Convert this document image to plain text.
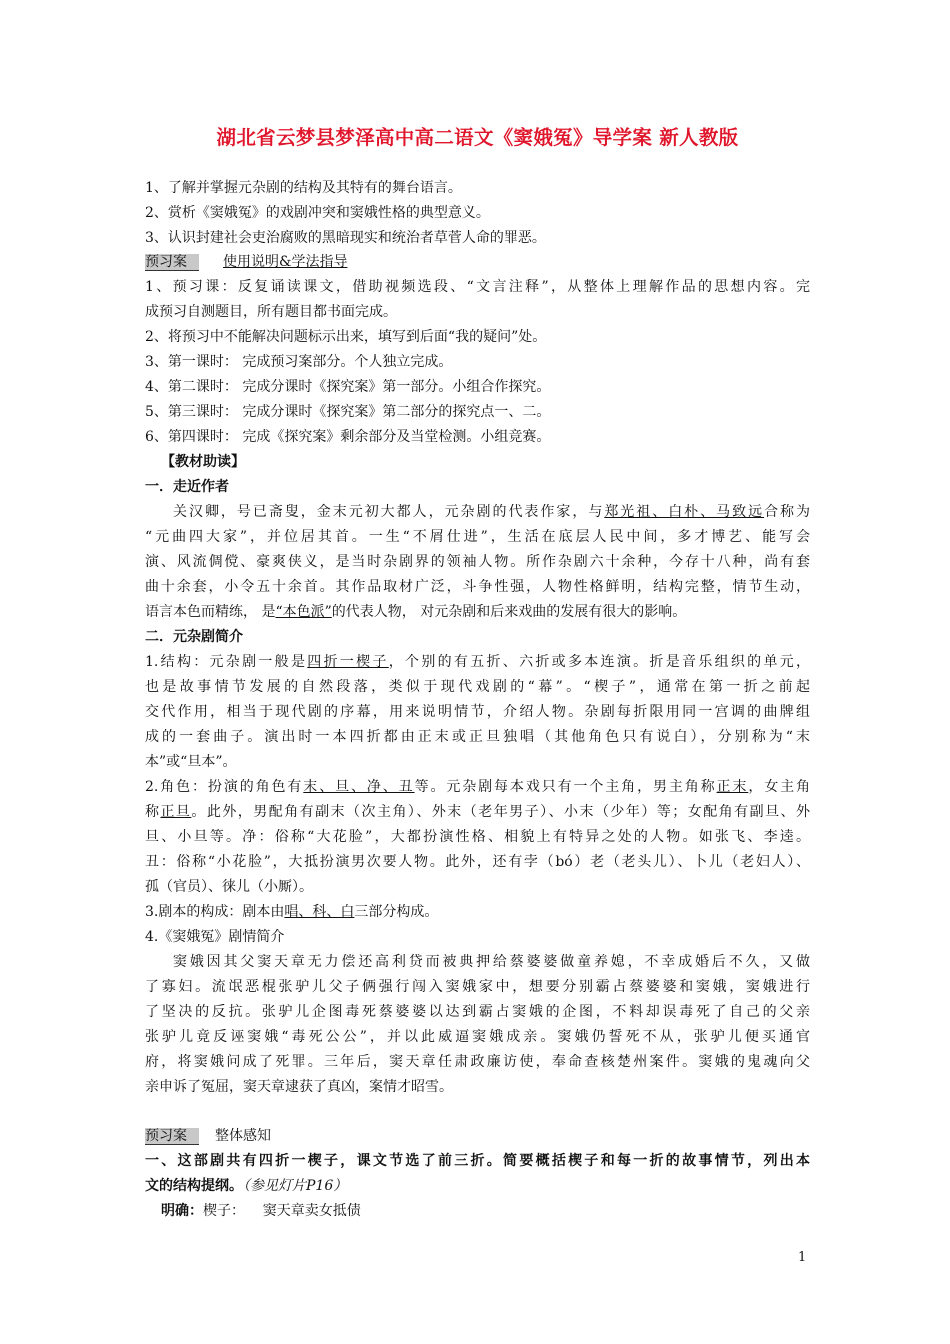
湖北省云梦县梦泽高中高二语文《窦娥冤》导学案 新人教版
1、了解并掌握元杂剧的结构及其特有的舞台语言。
2、赏析《窦娥冤》的戏剧冲突和窦娥性格的典型意义。
3、认识封建社会吏治腐败的黑暗现实和统治者草菅人命的罪恶。
预习案	使用说明&学法指导
1、预习课：反复诵读课文，借助视频选段、“文言注释”，从整体上理解作品的思想内容。完
成预习自测题目，所有题目都书面完成。
2、将预习中不能解决问题标示出来，填写到后面“我的疑问”处。
3、第一课时： 完成预习案部分。个人独立完成。
4、第二课时： 完成分课时《探究案》第一部分。小组合作探究。
5、第三课时： 完成分课时《探究案》第二部分的探究点一、二。
6、第四课时： 完成《探究案》剩余部分及当堂检测。小组竞赛。
【教材助读】
一．走近作者
关汉卿，号已斋叟，金末元初大都人，元杂剧的代表作家，与郑光祖、白朴、马致远合称为
“元曲四大家”，并位居其首。一生“不屑仕进”，生活在底层人民中间，多才博艺、能写会
演、风流倜傥、豪爽侠义，是当时杂剧界的领袖人物。所作杂剧六十余种，今存十八种，尚有套
曲十余套，小令五十余首。其作品取材广泛，斗争性强，人物性格鲜明，结构完整，情节生动，
语言本色而精练， 是“本色派”的代表人物， 对元杂剧和后来戏曲的发展有很大的影响。
二．元杂剧简介
1.结构：元杂剧一般是四折一楔子，个别的有五折、六折或多本连演。折是音乐组织的单元，
也是故事情节发展的自然段落，类似于现代戏剧的“幕”。“楔子”，通常在第一折之前起
交代作用，相当于现代剧的序幕，用来说明情节，介绍人物。杂剧每折限用同一宫调的曲牌组
成的一套曲子。演出时一本四折都由正末或正旦独唱（其他角色只有说白），分别称为“末
本”或“旦本”。
2.角色：扮演的角色有末、旦、净、丑等。元杂剧每本戏只有一个主角，男主角称正末，女主角
称正旦。此外，男配角有副末（次主角）、外末（老年男子）、小末（少年）等；女配角有副旦、外
旦、小旦等。净：俗称“大花脸”，大都扮演性格、相貌上有特异之处的人物。如张飞、李逵。
丑：俗称“小花脸”，大抵扮演男次要人物。此外，还有孛（bó）老（老头儿）、卜儿（老妇人）、
孤（官员）、徕儿（小厮）。
3.剧本的构成：剧本由唱、科、白三部分构成。
4.《窦娥冤》剧情简介
窦娥因其父窦天章无力偿还高利贷而被典押给蔡婆婆做童养媳，不幸成婚后不久，又做
了寡妇。流氓恶棍张驴儿父子俩强行闯入窦娥家中，想要分别霸占蔡婆婆和窦娥，窦娥进行
了坚决的反抗。张驴儿企图毒死蔡婆婆以达到霸占窦娥的企图，不料却误毒死了自己的父亲
张驴儿竟反诬窦娥“毒死公公”，并以此威逼窦娥成亲。窦娥仍誓死不从，张驴儿便买通官
府，将窦娥问成了死罪。三年后，窦天章任肃政廉访使，奉命查核楚州案件。窦娥的鬼魂向父
亲申诉了冤屈，窦天章逮获了真凶，案情才昭雪。
预习案 整体感知
一、这部剧共有四折一楔子，课文节选了前三折。简要概括楔子和每一折的故事情节，列出本
文的结构提纲。（参见灯片P16）
明确：楔子：    窦天章卖女抵债
1
